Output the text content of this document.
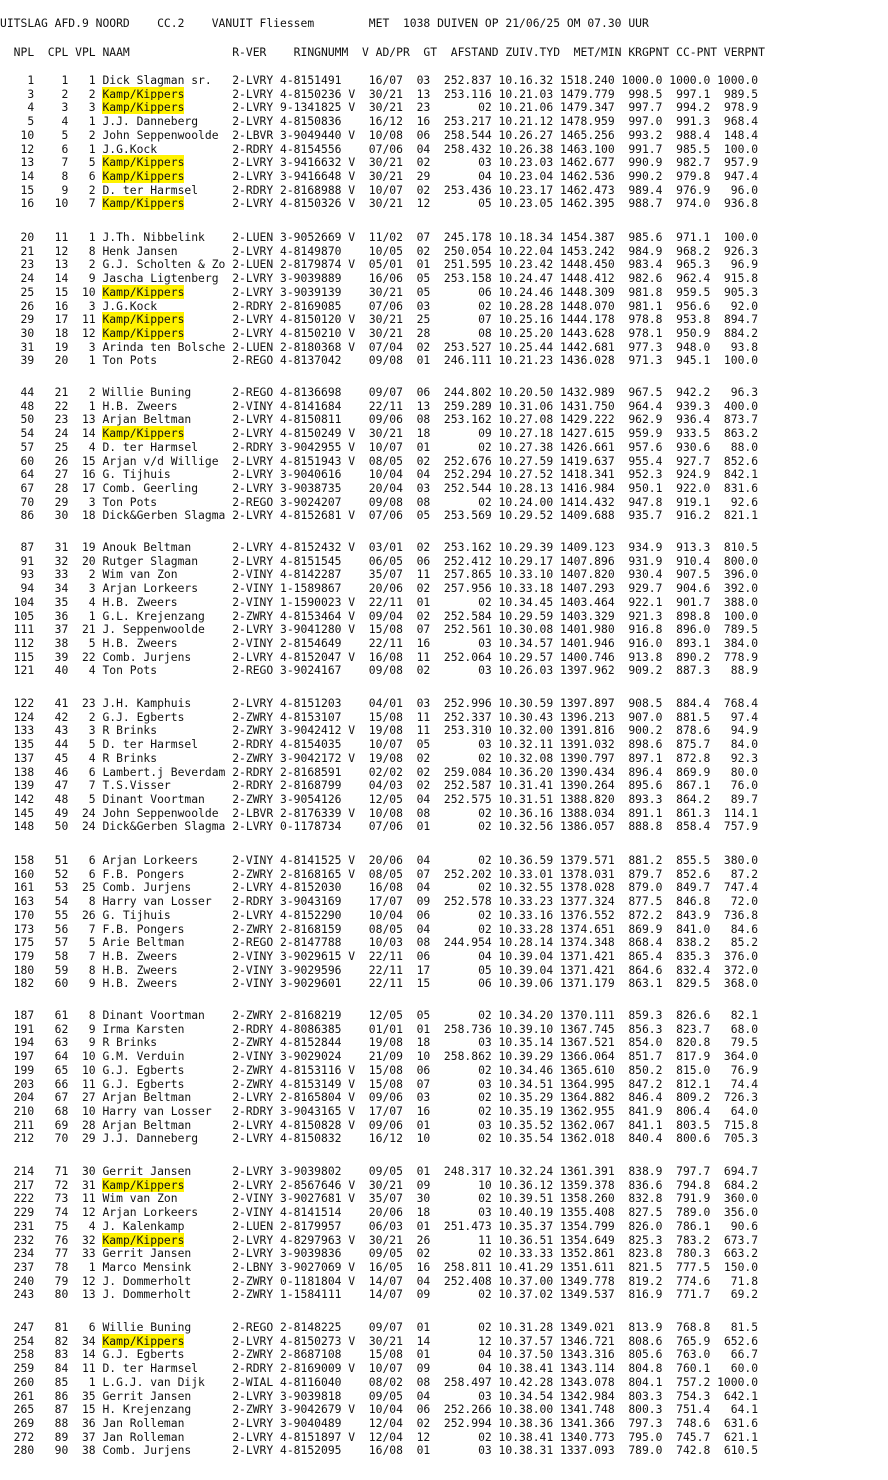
UITSLAG AFD.9 NOORD    CC.2    VANUIT Fliessem        MET  1038 DUIVEN OP 21/06/25 OM 07.30 UUR
NPL  CPL VPL NAAM               R-VER    RINGNUMM  V AD/PR  GT  AFSTAND ZUIV.TYD  MET/MIN KRGPNT CC-PNT VERPNT
1    1   1 Dick Slagman sr.   2-LVRY 4-8151491    16/07  03  252.837 10.16.32 1518.240 1000.0 1000.0 1000.0
3    2   2 Kamp/Kippers       2-LVRY 4-8150236 V  30/21  13  253.116 10.21.03 1479.779  998.5  997.1  989.5
4    3   3 Kamp/Kippers       2-LVRY 9-1341825 V  30/21  23       02 10.21.06 1479.347  997.7  994.2  978.9
5    4   1 J.J. Danneberg     2-LVRY 4-8150836    16/12  16  253.217 10.21.12 1478.959  997.0  991.3  968.4
10    5   2 John Seppenwoolde  2-LBVR 3-9049440 V  10/08  06  258.544 10.26.27 1465.256  993.2  988.4  148.4
12    6   1 J.G.Kock           2-RDRY 4-8154556    07/06  04  258.432 10.26.38 1463.100  991.7  985.5  100.0
13    7   5 Kamp/Kippers       2-LVRY 3-9416632 V  30/21  02       03 10.23.03 1462.677  990.9  982.7  957.9
14    8   6 Kamp/Kippers       2-LVRY 3-9416648 V  30/21  29       04 10.23.04 1462.536  990.2  979.8  947.4
15    9   2 D. ter Harmsel     2-RDRY 2-8168988 V  10/07  02  253.436 10.23.17 1462.473  989.4  976.9   96.0
16   10   7 Kamp/Kippers       2-LVRY 4-8150326 V  30/21  12       05 10.23.05 1462.395  988.7  974.0  936.8
20   11   1 J.Th. Nibbelink    2-LUEN 3-9052669 V  11/02  07  245.178 10.18.34 1454.387  985.6  971.1  100.0
21   12   8 Henk Jansen        2-LVRY 4-8149870    10/05  02  250.054 10.22.04 1453.242  984.9  968.2  926.3
23   13   2 G.J. Scholten & Zo 2-LUEN 2-8179874 V  05/01  01  251.595 10.23.42 1448.450  983.4  965.3   96.9
24   14   9 Jascha Ligtenberg  2-LVRY 3-9039889    16/06  05  253.158 10.24.47 1448.412  982.6  962.4  915.8
25   15  10 Kamp/Kippers       2-LVRY 3-9039139    30/21  05       06 10.24.46 1448.309  981.8  959.5  905.3
26   16   3 J.G.Kock           2-RDRY 2-8169085    07/06  03       02 10.28.28 1448.070  981.1  956.6   92.0
29   17  11 Kamp/Kippers       2-LVRY 4-8150120 V  30/21  25       07 10.25.16 1444.178  978.8  953.8  894.7
30   18  12 Kamp/Kippers       2-LVRY 4-8150210 V  30/21  28       08 10.25.20 1443.628  978.1  950.9  884.2
31   19   3 Arinda ten Bolsche 2-LUEN 2-8180368 V  07/04  02  253.527 10.25.44 1442.681  977.3  948.0   93.8
39   20   1 Ton Pots           2-REGO 4-8137042    09/08  01  246.111 10.21.23 1436.028  971.3  945.1  100.0
44   21   2 Willie Buning      2-REGO 4-8136698    09/07  06  244.802 10.20.50 1432.989  967.5  942.2   96.3
48   22   1 H.B. Zweers        2-VINY 4-8141684    22/11  13  259.289 10.31.06 1431.750  964.4  939.3  400.0
50   23  13 Arjan Beltman      2-LVRY 4-8150811    09/06  08  253.162 10.27.08 1429.222  962.9  936.4  873.7
54   24  14 Kamp/Kippers       2-LVRY 4-8150249 V  30/21  18       09 10.27.18 1427.615  959.9  933.5  863.2
57   25   4 D. ter Harmsel     2-RDRY 3-9042955 V  10/07  01       02 10.27.38 1426.661  957.6  930.6   88.0
60   26  15 Arjan v/d Willige  2-LVRY 4-8151943 V  08/05  02  252.676 10.27.59 1419.637  955.4  927.7  852.6
64   27  16 G. Tijhuis         2-LVRY 3-9040616    10/04  04  252.294 10.27.52 1418.341  952.3  924.9  842.1
67   28  17 Comb. Geerling     2-LVRY 3-9038735    20/04  03  252.544 10.28.13 1416.984  950.1  922.0  831.6
70   29   3 Ton Pots           2-REGO 3-9024207    09/08  08       02 10.24.00 1414.432  947.8  919.1   92.6
86   30  18 Dick&Gerben Slagma 2-LVRY 4-8152681 V  07/06  05  253.569 10.29.52 1409.688  935.7  916.2  821.1
87   31  19 Anouk Beltman      2-LVRY 4-8152432 V  03/01  02  253.162 10.29.39 1409.123  934.9  913.3  810.5
91   32  20 Rutger Slagman     2-LVRY 4-8151545    06/05  06  252.412 10.29.17 1407.896  931.9  910.4  800.0
93   33   2 Wim van Zon        2-VINY 4-8142287    35/07  11  257.865 10.33.10 1407.820  930.4  907.5  396.0
94   34   3 Arjan Lorkeers     2-VINY 1-1589867    20/06  02  257.956 10.33.18 1407.293  929.7  904.6  392.0
104   35   4 H.B. Zweers        2-VINY 1-1590023 V  22/11  01       02 10.34.45 1403.464  922.1  901.7  388.0
105   36   1 G.L. Krejenzang    2-ZWRY 4-8153464 V  09/04  02  252.584 10.29.59 1403.329  921.3  898.8  100.0
111   37  21 J. Seppenwoolde    2-LVRY 3-9041280 V  15/08  07  252.561 10.30.08 1401.980  916.8  896.0  789.5
112   38   5 H.B. Zweers        2-VINY 2-8154649    22/11  16       03 10.34.57 1401.946  916.0  893.1  384.0
115   39  22 Comb. Jurjens      2-LVRY 4-8152047 V  16/08  11  252.064 10.29.57 1400.746  913.8  890.2  778.9
121   40   4 Ton Pots           2-REGO 3-9024167    09/08  02       03 10.26.03 1397.962  909.2  887.3   88.9
122   41  23 J.H. Kamphuis      2-LVRY 4-8151203    04/01  03  252.996 10.30.59 1397.897  908.5  884.4  768.4
124   42   2 G.J. Egberts       2-ZWRY 4-8153107    15/08  11  252.337 10.30.43 1396.213  907.0  881.5   97.4
133   43   3 R Brinks           2-ZWRY 3-9042412 V  19/08  11  253.310 10.32.00 1391.816  900.2  878.6   94.9
135   44   5 D. ter Harmsel     2-RDRY 4-8154035    10/07  05       03 10.32.11 1391.032  898.6  875.7   84.0
137   45   4 R Brinks           2-ZWRY 3-9042172 V  19/08  02       02 10.32.08 1390.797  897.1  872.8   92.3
138   46   6 Lambert.j Beverdam 2-RDRY 2-8168591    02/02  02  259.084 10.36.20 1390.434  896.4  869.9   80.0
139   47   7 T.S.Visser         2-RDRY 2-8168799    04/03  02  252.587 10.31.41 1390.264  895.6  867.1   76.0
142   48   5 Dinant Voortman    2-ZWRY 3-9054126    12/05  04  252.575 10.31.51 1388.820  893.3  864.2   89.7
145   49  24 John Seppenwoolde  2-LBVR 2-8176339 V  10/08  08       02 10.36.16 1388.034  891.1  861.3  114.1
148   50  24 Dick&Gerben Slagma 2-LVRY 0-1178734    07/06  01       02 10.32.56 1386.057  888.8  858.4  757.9
158   51   6 Arjan Lorkeers     2-VINY 4-8141525 V  20/06  04       02 10.36.59 1379.571  881.2  855.5  380.0
160   52   6 F.B. Pongers       2-ZWRY 2-8168165 V  08/05  07  252.202 10.33.01 1378.031  879.7  852.6   87.2
161   53  25 Comb. Jurjens      2-LVRY 4-8152030    16/08  04       02 10.32.55 1378.028  879.0  849.7  747.4
163   54   8 Harry van Losser   2-RDRY 3-9043169    17/07  09  252.578 10.33.23 1377.324  877.5  846.8   72.0
170   55  26 G. Tijhuis         2-LVRY 4-8152290    10/04  06       02 10.33.16 1376.552  872.2  843.9  736.8
173   56   7 F.B. Pongers       2-ZWRY 2-8168159    08/05  04       02 10.33.28 1374.651  869.9  841.0   84.6
175   57   5 Arie Beltman       2-REGO 2-8147788    10/03  08  244.954 10.28.14 1374.348  868.4  838.2   85.2
179   58   7 H.B. Zweers        2-VINY 3-9029615 V  22/11  06       04 10.39.04 1371.421  865.4  835.3  376.0
180   59   8 H.B. Zweers        2-VINY 3-9029596    22/11  17       05 10.39.04 1371.421  864.6  832.4  372.0
182   60   9 H.B. Zweers        2-VINY 3-9029601    22/11  15       06 10.39.06 1371.179  863.1  829.5  368.0
187   61   8 Dinant Voortman    2-ZWRY 2-8168219    12/05  05       02 10.34.20 1370.111  859.3  826.6   82.1
191   62   9 Irma Karsten       2-RDRY 4-8086385    01/01  01  258.736 10.39.10 1367.745  856.3  823.7   68.0
194   63   9 R Brinks           2-ZWRY 4-8152844    19/08  18       03 10.35.14 1367.521  854.0  820.8   79.5
197   64  10 G.M. Verduin       2-VINY 3-9029024    21/09  10  258.862 10.39.29 1366.064  851.7  817.9  364.0
199   65  10 G.J. Egberts       2-ZWRY 4-8153116 V  15/08  06       02 10.34.46 1365.610  850.2  815.0   76.9
203   66  11 G.J. Egberts       2-ZWRY 4-8153149 V  15/08  07       03 10.34.51 1364.995  847.2  812.1   74.4
204   67  27 Arjan Beltman      2-LVRY 2-8165804 V  09/06  03       02 10.35.29 1364.882  846.4  809.2  726.3
210   68  10 Harry van Losser   2-RDRY 3-9043165 V  17/07  16       02 10.35.19 1362.955  841.9  806.4   64.0
211   69  28 Arjan Beltman      2-LVRY 4-8150828 V  09/06  01       03 10.35.52 1362.067  841.1  803.5  715.8
212   70  29 J.J. Danneberg     2-LVRY 4-8150832    16/12  10       02 10.35.54 1362.018  840.4  800.6  705.3
214   71  30 Gerrit Jansen      2-LVRY 3-9039802    09/05  01  248.317 10.32.24 1361.391  838.9  797.7  694.7
217   72  31 Kamp/Kippers       2-LVRY 2-8567646 V  30/21  09       10 10.36.12 1359.378  836.6  794.8  684.2
222   73  11 Wim van Zon        2-VINY 3-9027681 V  35/07  30       02 10.39.51 1358.260  832.8  791.9  360.0
229   74  12 Arjan Lorkeers     2-VINY 4-8141514    20/06  18       03 10.40.19 1355.408  827.5  789.0  356.0
231   75   4 J. Kalenkamp       2-LUEN 2-8179957    06/03  01  251.473 10.35.37 1354.799  826.0  786.1   90.6
232   76  32 Kamp/Kippers       2-LVRY 4-8297963 V  30/21  26       11 10.36.51 1354.649  825.3  783.2  673.7
234   77  33 Gerrit Jansen      2-LVRY 3-9039836    09/05  02       02 10.33.33 1352.861  823.8  780.3  663.2
237   78   1 Marco Mensink      2-LBNY 3-9027069 V  16/05  16  258.811 10.41.29 1351.611  821.5  777.5  150.0
240   79  12 J. Dommerholt      2-ZWRY 0-1181804 V  14/07  04  252.408 10.37.00 1349.778  819.2  774.6   71.8
243   80  13 J. Dommerholt      2-ZWRY 1-1584111    14/07  09       02 10.37.02 1349.537  816.9  771.7   69.2
247   81   6 Willie Buning      2-REGO 2-8148225    09/07  01       02 10.31.28 1349.021  813.9  768.8   81.5
254   82  34 Kamp/Kippers       2-LVRY 4-8150273 V  30/21  14       12 10.37.57 1346.721  808.6  765.9  652.6
258   83  14 G.J. Egberts       2-ZWRY 2-8687108    15/08  01       04 10.37.50 1343.316  805.6  763.0   66.7
259   84  11 D. ter Harmsel     2-RDRY 2-8169009 V  10/07  09       04 10.38.41 1343.114  804.8  760.1   60.0
260   85   1 L.G.J. van Dijk    2-WIAL 4-8116040    08/02  08  258.497 10.42.28 1343.078  804.1  757.2 1000.0
261   86  35 Gerrit Jansen      2-LVRY 3-9039818    09/05  04       03 10.34.54 1342.984  803.3  754.3  642.1
265   87  15 H. Krejenzang      2-ZWRY 3-9042679 V  10/04  06  252.266 10.38.00 1341.748  800.3  751.4   64.1
269   88  36 Jan Rolleman       2-LVRY 3-9040489    12/04  02  252.994 10.38.36 1341.366  797.3  748.6  631.6
272   89  37 Jan Rolleman       2-LVRY 4-8151897 V  12/04  12       02 10.38.41 1340.773  795.0  745.7  621.1
280   90  38 Comb. Jurjens      2-LVRY 4-8152095    16/08  01       03 10.38.31 1337.093  789.0  742.8  610.5
